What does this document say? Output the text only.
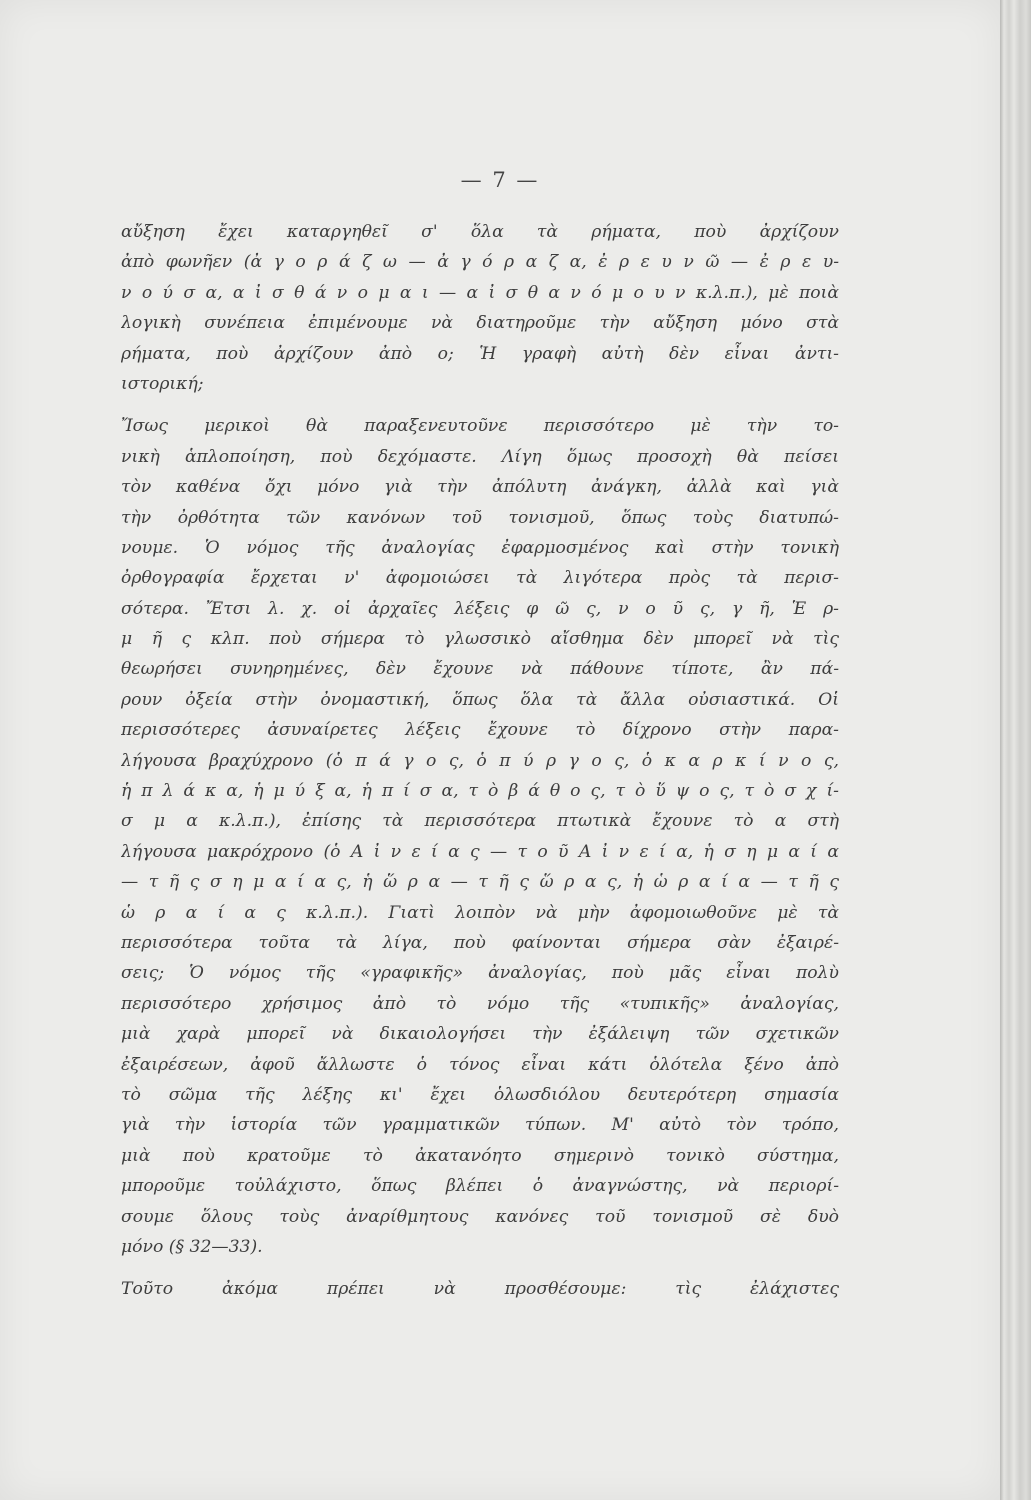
— 7 —
αὔξηση ἔχει καταργηθεῖ σ' ὅλα τὰ ρήματα, ποὺ ἀρχίζουν
ἀπὸ φωνῆεν (ἀ γ ο ρ ά ζ ω — ἀ γ ό ρ α ζ α, ἐ ρ ε υ ν ῶ — ἐ ρ ε υ-
ν ο ύ σ α, α ἰ σ θ ά ν ο μ α ι — α ἰ σ θ α ν ό μ ο υ ν κ.λ.π.), μὲ ποιὰ
λογικὴ συνέπεια ἐπιμένουμε νὰ διατηροῦμε τὴν αὔξηση μόνο στὰ
ρήματα, ποὺ ἀρχίζουν ἀπὸ ο; Ἡ γραφὴ αὐτὴ δὲν εἶναι ἀντι-
ιστορική;
Ἴσως μερικοὶ θὰ παραξενευτοῦνε περισσότερο μὲ τὴν το-
νικὴ ἁπλοποίηση, ποὺ δεχόμαστε. Λίγη ὅμως προσοχὴ θὰ πείσει
τὸν καθένα ὄχι μόνο γιὰ τὴν ἀπόλυτη ἀνάγκη, ἀλλὰ καὶ γιὰ
τὴν ὀρθότητα τῶν κανόνων τοῦ τονισμοῦ, ὅπως τοὺς διατυπώ-
νουμε. Ὁ νόμος τῆς ἀναλογίας ἐφαρμοσμένος καὶ στὴν τονικὴ
ὀρθογραφία ἔρχεται ν' ἀφομοιώσει τὰ λιγότερα πρὸς τὰ περισ-
σότερα. Ἔτσι λ. χ. οἱ ἀρχαῖες λέξεις φ ῶ ς, ν ο ῦ ς, γ ῆ, Ἑ ρ-
μ ῆ ς κλπ. ποὺ σήμερα τὸ γλωσσικὸ αἴσθημα δὲν μπορεῖ νὰ τὶς
θεωρήσει συνηρημένες, δὲν ἔχουνε νὰ πάθουνε τίποτε, ἂν πά-
ρουν ὀξεία στὴν ὀνομαστική, ὅπως ὅλα τὰ ἄλλα οὐσιαστικά. Οἱ
περισσότερες ἀσυναίρετες λέξεις ἔχουνε τὸ δίχρονο στὴν παρα-
λήγουσα βραχύχρονο (ὁ π ά γ ο ς, ὁ π ύ ρ γ ο ς, ὁ κ α ρ κ ί ν ο ς,
ἡ π λ ά κ α, ἡ μ ύ ξ α, ἡ π ί σ α, τ ὸ β ά θ ο ς, τ ὸ ὕ ψ ο ς, τ ὸ σ χ ί-
σ μ α κ.λ.π.), ἐπίσης τὰ περισσότερα πτωτικὰ ἔχουνε τὸ α στὴ
λήγουσα μακρόχρονο (ὁ Α ἰ ν ε ί α ς — τ ο ῦ Α ἰ ν ε ί α, ἡ σ η μ α ί α
— τ ῆ ς σ η μ α ί α ς, ἡ ὥ ρ α — τ ῆ ς ὥ ρ α ς, ἡ ὡ ρ α ί α — τ ῆ ς
ὡ ρ α ί α ς κ.λ.π.). Γιατὶ λοιπὸν νὰ μὴν ἀφομοιωθοῦνε μὲ τὰ
περισσότερα τοῦτα τὰ λίγα, ποὺ φαίνονται σήμερα σὰν ἐξαιρέ-
σεις; Ὁ νόμος τῆς «γραφικῆς» ἀναλογίας, ποὺ μᾶς εἶναι πολὺ
περισσότερο χρήσιμος ἀπὸ τὸ νόμο τῆς «τυπικῆς» ἀναλογίας,
μιὰ χαρὰ μπορεῖ νὰ δικαιολογήσει τὴν ἐξάλειψη τῶν σχετικῶν
ἐξαιρέσεων, ἀφοῦ ἄλλωστε ὁ τόνος εἶναι κάτι ὁλότελα ξένο ἀπὸ
τὸ σῶμα τῆς λέξης κι' ἔχει ὁλωσδιόλου δευτερότερη σημασία
γιὰ τὴν ἱστορία τῶν γραμματικῶν τύπων. Μ' αὐτὸ τὸν τρόπο,
μιὰ ποὺ κρατοῦμε τὸ ἀκατανόητο σημερινὸ τονικὸ σύστημα,
μποροῦμε τοὐλάχιστο, ὅπως βλέπει ὁ ἀναγνώστης, νὰ περιορί-
σουμε ὅλους τοὺς ἀναρίθμητους κανόνες τοῦ τονισμοῦ σὲ δυὸ
μόνο (§ 32—33).
Τοῦτο ἀκόμα πρέπει νὰ προσθέσουμε: τὶς ἐλάχιστες
